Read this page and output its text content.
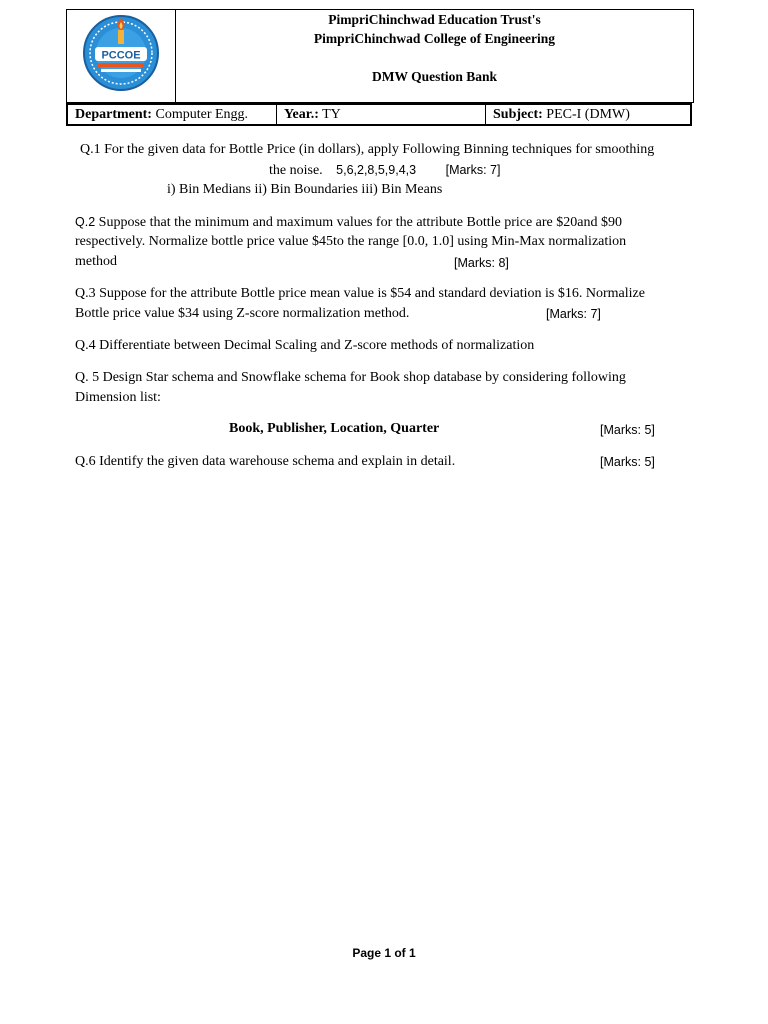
PCCOE
PimpriChinchwad Education Trust's
PimpriChinchwad College of Engineering
DMW Question Bank
Department: Computer Engg.	Year.: TY	Subject: PEC-I (DMW)
Q.1 For the given data for Bottle Price (in dollars), apply Following Binning techniques for smoothing
the noise. 5,6,2,8,5,9,4,3 [Marks: 7]
i) Bin Medians ii) Bin Boundaries iii) Bin Means
Q.2 Suppose that the minimum and maximum values for the attribute Bottle price are $20and $90
respectively. Normalize bottle price value $45to the range [0.0, 1.0] using Min-Max normalization
method	[Marks: 8]
Q.3 Suppose for the attribute Bottle price mean value is $54 and standard deviation is $16. Normalize
Bottle price value $34 using Z-score normalization method.	[Marks: 7]
Q.4 Differentiate between Decimal Scaling and Z-score methods of normalization
Q. 5 Design Star schema and Snowflake schema for Book shop database by considering following
Dimension list:
Book, Publisher, Location, Quarter	[Marks: 5]
Q.6 Identify the given data warehouse schema and explain in detail.	[Marks: 5]
Page 1 of 1
